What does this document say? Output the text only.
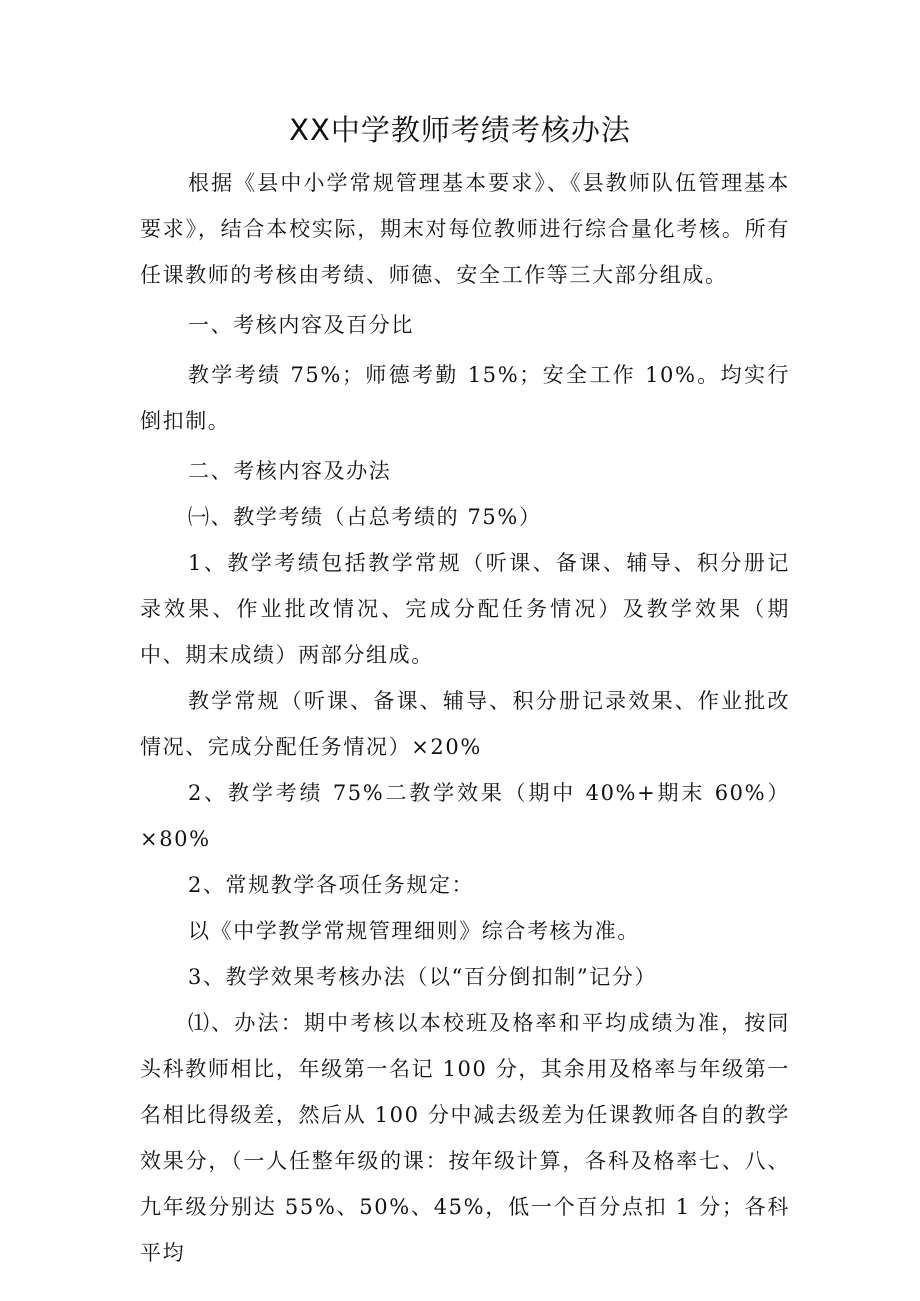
XX中学教师考绩考核办法

根据《县中小学常规管理基本要求》、《县教师队伍管理基本要求》，结合本校实际，期末对每位教师进行综合量化考核。所有任课教师的考核由考绩、师德、安全工作等三大部分组成。

一、考核内容及百分比

教学考绩 75%；师德考勤 15%；安全工作 10%。均实行倒扣制。

二、考核内容及办法

㈠、教学考绩（占总考绩的 75%）

1、教学考绩包括教学常规（听课、备课、辅导、积分册记录效果、作业批改情况、完成分配任务情况）及教学效果（期中、期末成绩）两部分组成。

教学常规（听课、备课、辅导、积分册记录效果、作业批改情况、完成分配任务情况）×20%

2、教学考绩 75%二教学效果（期中 40%+期末 60%）×80%

2、常规教学各项任务规定：

以《中学教学常规管理细则》综合考核为准。

3、教学效果考核办法（以“百分倒扣制”记分）

⑴、办法：期中考核以本校班及格率和平均成绩为准，按同头科教师相比，年级第一名记 100 分，其余用及格率与年级第一名相比得级差，然后从 100 分中减去级差为任课教师各自的教学效果分，（一人任整年级的课：按年级计算，各科及格率七、八、九年级分别达 55%、50%、45%，低一个百分点扣 1 分；各科平均
